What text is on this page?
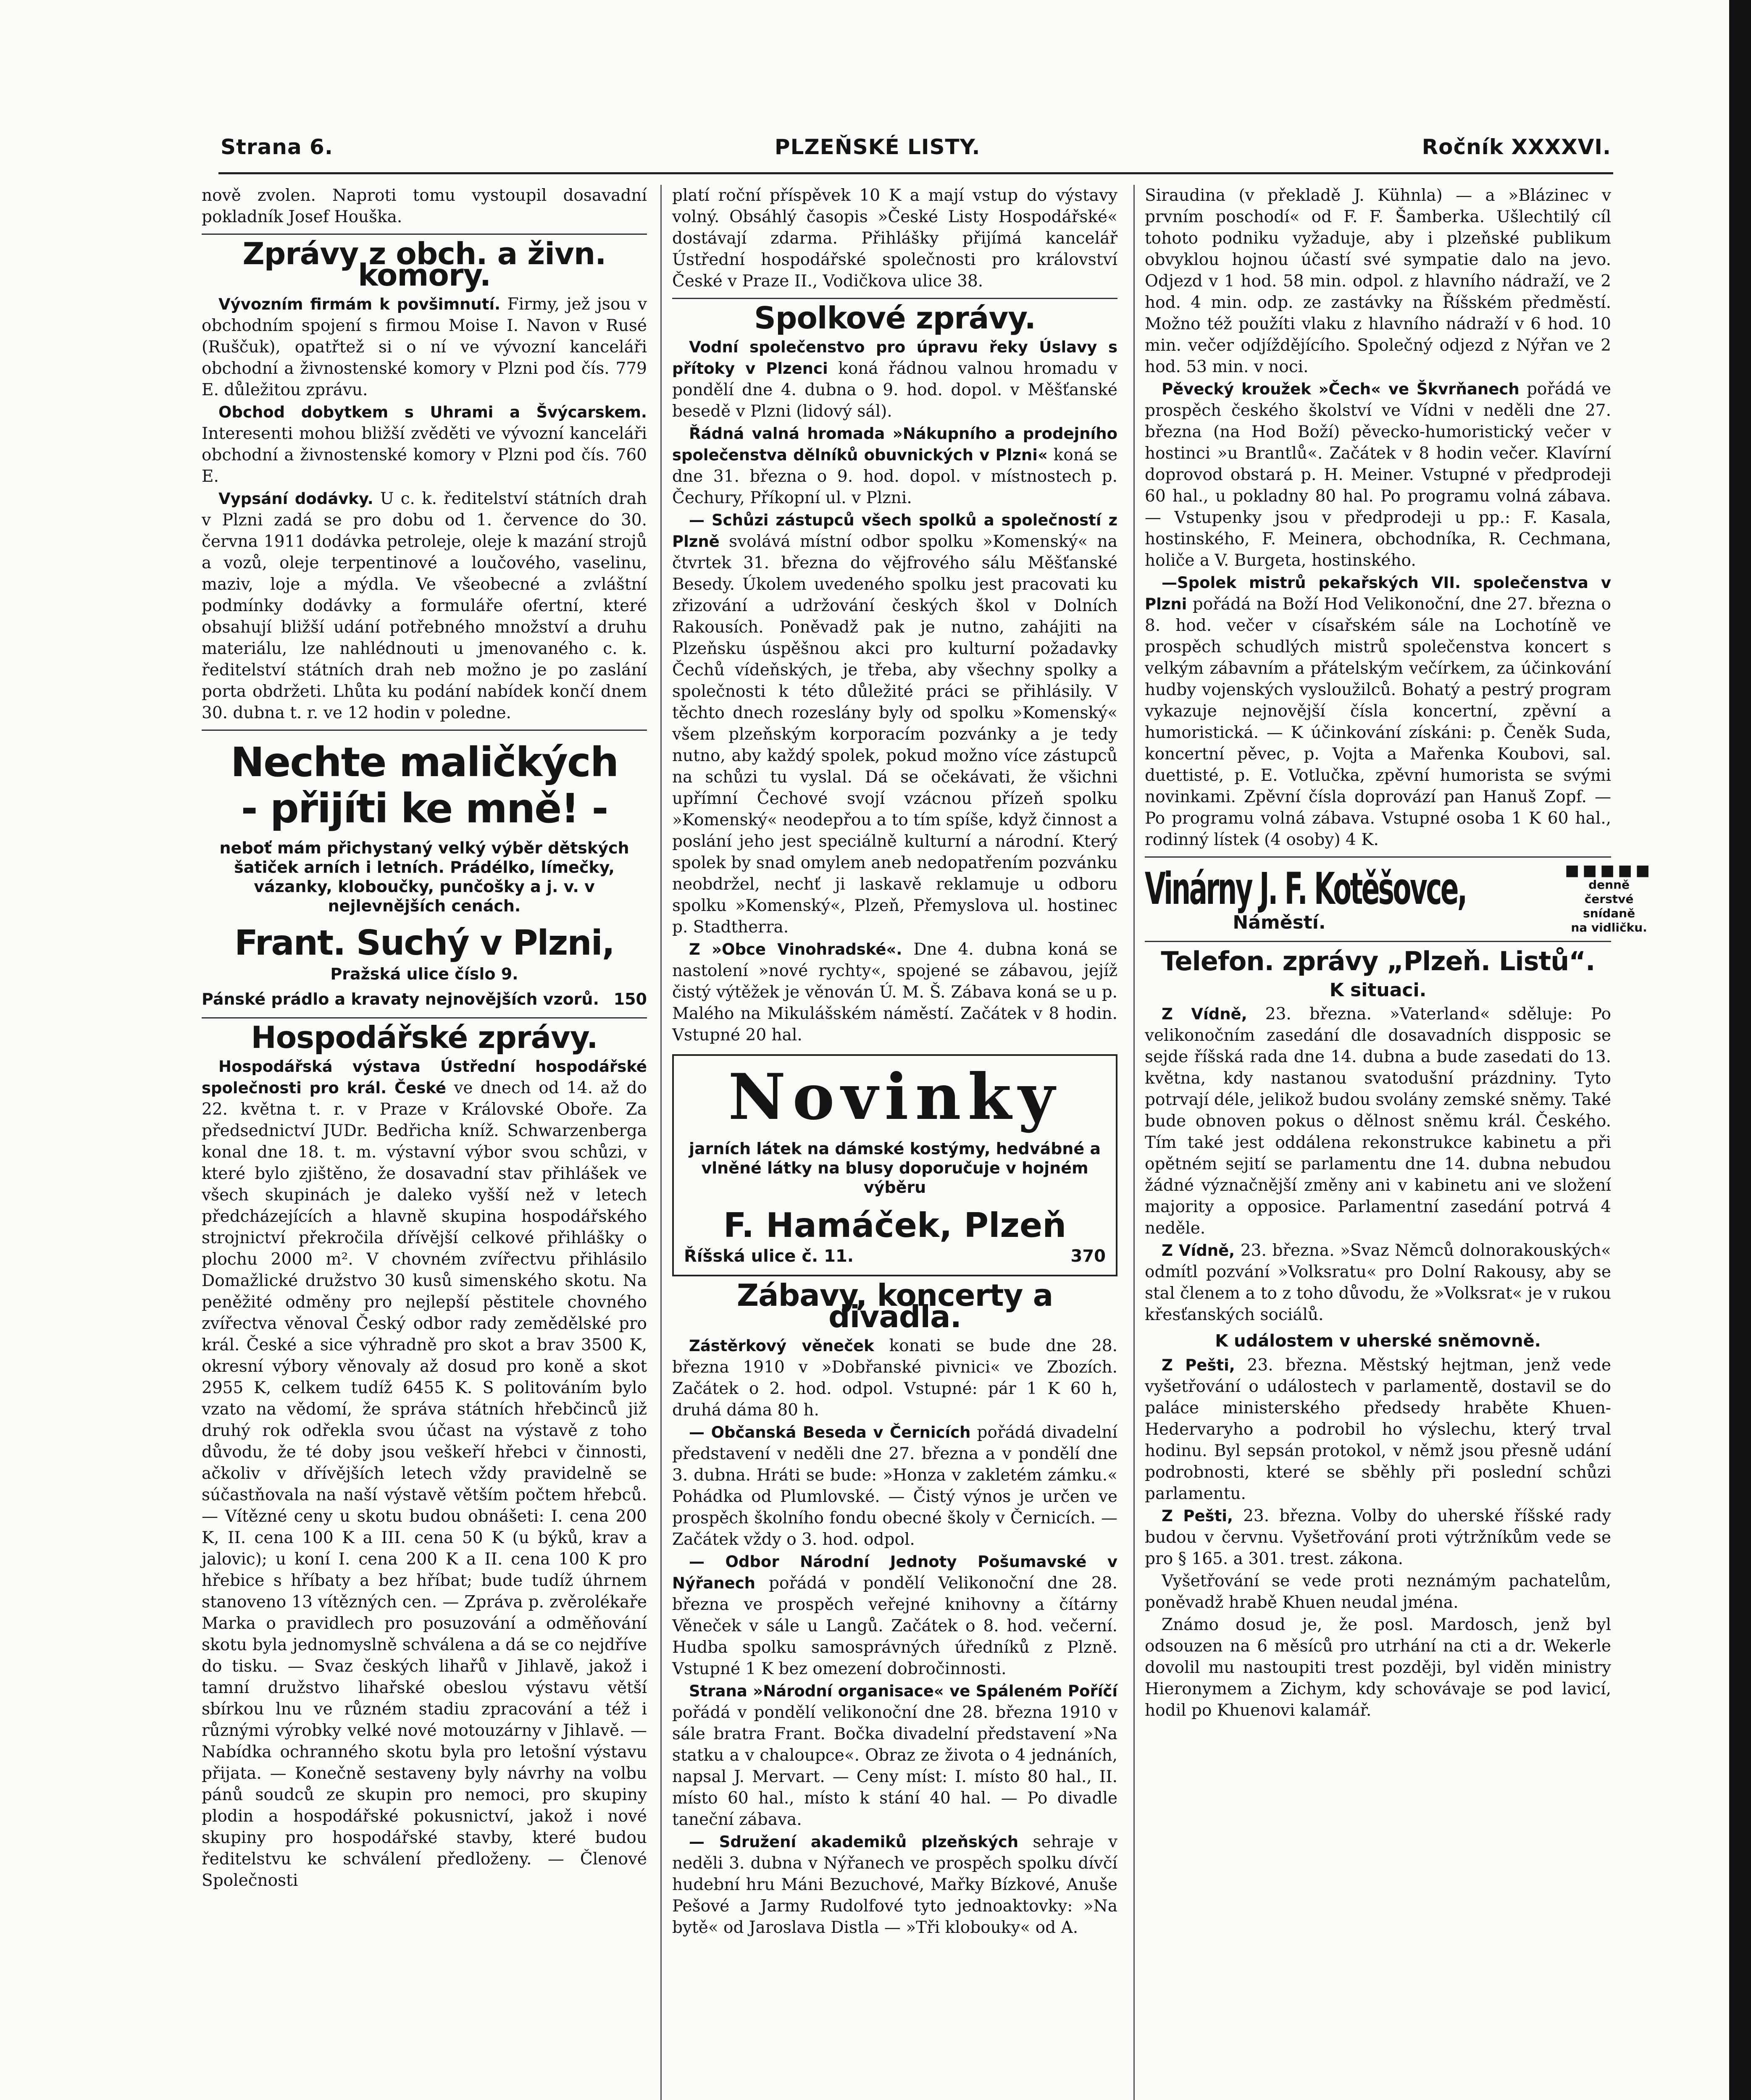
Strana 6.	PLZEŇSKÉ LISTY.	Ročník XXXXVI.

nově zvolen. Naproti tomu vystoupil dosavadní pokladník Josef Houška.

Zprávy z obch. a živn. komory.

Vývozním firmám k povšimnutí. Firmy, jež jsou v obchodním spojení s firmou Moise I. Navon v Rusé (Ruščuk), opatřtež si o ní ve vývozní kanceláři obchodní a živnostenské komory v Plzni pod čís. 779 E. důležitou zprávu.

Obchod dobytkem s Uhrami a Švýcarskem. Interesenti mohou bližší zvěděti ve vývozní kanceláři obchodní a živnostenské komory v Plzni pod čís. 760 E.

Vypsání dodávky. U c. k. ředitelství státních drah v Plzni zadá se pro dobu od 1. července do 30. června 1911 dodávka petroleje, oleje k mazání strojů a vozů, oleje terpentinové a loučového, vaselinu, maziv, loje a mýdla. Ve všeobecné a zvláštní podmínky dodávky a formuláře ofertní, které obsahují bližší udání potřebného množství a druhu materiálu, lze nahlédnouti u jmenovaného c. k. ředitelství státních drah neb možno je po zaslání porta obdržeti. Lhůta ku podání nabídek končí dnem 30. dubna t. r. ve 12 hodin v poledne.

Nechte maličkých
- přijíti ke mně! -
neboť mám přichystaný velký výběr dětských šatiček arních i letních. Prádélko, límečky, vázanky, kloboučky, punčošky a j. v. v nejlevnějších cenách.
Frant. Suchý v Plzni,
Pražská ulice číslo 9.
Pánské prádlo a kravaty nejnovějších vzorů. 150
Hospodářské zprávy.

Hospodářská výstava Ústřední hospodářské společnosti pro král. České ve dnech od 14. až do 22. května t. r. v Praze v Královské Oboře. Za předsednictví JUDr. Bedřicha kníž. Schwarzenberga konal dne 18. t. m. výstavní výbor svou schůzi, v které bylo zjištěno, že dosavadní stav přihlášek ve všech skupinách je daleko vyšší než v letech předcházejících a hlavně skupina hospodářského strojnictví překročila dřívější celkové přihlášky o plochu 2000 m². V chovném zvířectvu přihlásilo Domažlické družstvo 30 kusů simenského skotu. Na peněžité odměny pro nejlepší pěstitele chovného zvířectva věnoval Český odbor rady zemědělské pro král. České a sice výhradně pro skot a brav 3500 K, okresní výbory věnovaly až dosud pro koně a skot 2955 K, celkem tudíž 6455 K. S politováním bylo vzato na vědomí, že správa státních hřebčinců již druhý rok odřekla svou účast na výstavě z toho důvodu, že té doby jsou veškeří hřebci v činnosti, ačkoliv v dřívějších letech vždy pravidelně se súčastňovala na naší výstavě větším počtem hřebců. — Vítězné ceny u skotu budou obnášeti: I. cena 200 K, II. cena 100 K a III. cena 50 K (u býků, krav a jalovic); u koní I. cena 200 K a II. cena 100 K pro hřebice s hříbaty a bez hříbat; bude tudíž úhrnem stanoveno 13 vítězných cen. — Zpráva p. zvěrolékaře Marka o pravidlech pro posuzování a odměňování skotu byla jednomyslně schválena a dá se co nejdříve do tisku. — Svaz českých lihařů v Jihlavě, jakož i tamní družstvo lihařské obeslou výstavu větší sbírkou lnu ve různém stadiu zpracování a též i různými výrobky velké nové motouzárny v Jihlavě. — Nabídka ochranného skotu byla pro letošní výstavu přijata. — Konečně sestaveny byly návrhy na volbu pánů soudců ze skupin pro nemoci, pro skupiny plodin a hospodářské pokusnictví, jakož i nové skupiny pro hospodářské stavby, které budou ředitelstvu ke schválení předloženy. — Členové Společnosti

platí roční příspěvek 10 K a mají vstup do výstavy volný. Obsáhlý časopis »České Listy Hospodářské« dostávají zdarma. Přihlášky přijímá kancelář Ústřední hospodářské společnosti pro království České v Praze II., Vodičkova ulice 38.

Spolkové zprávy.

Vodní společenstvo pro úpravu řeky Úslavy s přítoky v Plzenci koná řádnou valnou hromadu v pondělí dne 4. dubna o 9. hod. dopol. v Měšťanské besedě v Plzni (lidový sál).

Řádná valná hromada »Nákupního a prodejního společenstva dělníků obuvnických v Plzni« koná se dne 31. března o 9. hod. dopol. v místnostech p. Čechury, Příkopní ul. v Plzni.

— Schůzi zástupců všech spolků a společností z Plzně svolává místní odbor spolku »Komenský« na čtvrtek 31. března do vějfrového sálu Měšťanské Besedy. Úkolem uvedeného spolku jest pracovati ku zřizování a udržování českých škol v Dolních Rakousích. Poněvadž pak je nutno, zahájiti na Plzeňsku úspěšnou akci pro kulturní požadavky Čechů vídeňských, je třeba, aby všechny spolky a společnosti k této důležité práci se přihlásily. V těchto dnech rozeslány byly od spolku »Komenský« všem plzeňským korporacím pozvánky a je tedy nutno, aby každý spolek, pokud možno více zástupců na schůzi tu vyslal. Dá se očekávati, že všichni upřímní Čechové svojí vzácnou přízeň spolku »Komenský« neodepřou a to tím spíše, když činnost a poslání jeho jest speciálně kulturní a národní. Který spolek by snad omylem aneb nedopatřením pozvánku neobdržel, nechť ji laskavě reklamuje u odboru spolku »Komenský«, Plzeň, Přemyslova ul. hostinec p. Stadtherra.

Z »Obce Vinohradské«. Dne 4. dubna koná se nastolení »nové rychty«, spojené se zábavou, jejíž čistý výtěžek je věnován Ú. M. Š. Zábava koná se u p. Malého na Mikulášském náměstí. Začátek v 8 hodin. Vstupné 20 hal.

Novinky
jarních látek na dámské kostýmy, hedvábné a vlněné látky na blusy doporučuje v hojném výběru
F. Hamáček, Plzeň
Říšská ulice č. 11.	370
Zábavy, koncerty a divadla.

Zástěrkový věneček konati se bude dne 28. března 1910 v »Dobřanské pivnici« ve Zbozích. Začátek o 2. hod. odpol. Vstupné: pár 1 K 60 h, druhá dáma 80 h.

— Občanská Beseda v Černicích pořádá divadelní představení v neděli dne 27. března a v pondělí dne 3. dubna. Hráti se bude: »Honza v zakletém zámku.« Pohádka od Plumlovské. — Čistý výnos je určen ve prospěch školního fondu obecné školy v Černicích. — Začátek vždy o 3. hod. odpol.

— Odbor Národní Jednoty Pošumavské v Nýřanech pořádá v pondělí Velikonoční dne 28. března ve prospěch veřejné knihovny a čítárny Věneček v sále u Langů. Začátek o 8. hod. večerní. Hudba spolku samosprávných úředníků z Plzně. Vstupné 1 K bez omezení dobročinnosti.

Strana »Národní organisace« ve Spáleném Poříčí pořádá v pondělí velikonoční dne 28. března 1910 v sále bratra Frant. Bočka divadelní představení »Na statku a v chaloupce«. Obraz ze života o 4 jednáních, napsal J. Mervart. — Ceny míst: I. místo 80 hal., II. místo 60 hal., místo k stání 40 hal. — Po divadle taneční zábava.

— Sdružení akademiků plzeňských sehraje v neděli 3. dubna v Nýřanech ve prospěch spolku dívčí hudební hru Máni Bezuchové, Mařky Bízkové, Anuše Pešové a Jarmy Rudolfové tyto jednoaktovky: »Na bytě« od Jaroslava Distla — »Tři klobouky« od A.

Siraudina (v překladě J. Kühnla) — a »Blázinec v prvním poschodí« od F. F. Šamberka. Ušlechtilý cíl tohoto podniku vyžaduje, aby i plzeňské publikum obvyklou hojnou účastí své sympatie dalo na jevo. Odjezd v 1 hod. 58 min. odpol. z hlavního nádraží, ve 2 hod. 4 min. odp. ze zastávky na Říšském předměstí. Možno též použíti vlaku z hlavního nádraží v 6 hod. 10 min. večer odjíždějícího. Společný odjezd z Nýřan ve 2 hod. 53 min. v noci.

Pěvecký kroužek »Čech« ve Škvrňanech pořádá ve prospěch českého školství ve Vídni v neděli dne 27. března (na Hod Boží) pěvecko-humoristický večer v hostinci »u Brantlů«. Začátek v 8 hodin večer. Klavírní doprovod obstará p. H. Meiner. Vstupné v předprodeji 60 hal., u pokladny 80 hal. Po programu volná zábava. — Vstupenky jsou v předprodeji u pp.: F. Kasala, hostinského, F. Meinera, obchodníka, R. Cechmana, holiče a V. Burgeta, hostinského.

—Spolek mistrů pekařských VII. společenstva v Plzni pořádá na Boží Hod Velikonoční, dne 27. března o 8. hod. večer v císařském sále na Lochotíně ve prospěch schudlých mistrů společenstva koncert s velkým zábavním a přátelským večírkem, za účinkování hudby vojenských vysloužilců. Bohatý a pestrý program vykazuje nejnovější čísla koncertní, zpěvní a humoristická. — K účinkování získáni: p. Čeněk Suda, koncertní pěvec, p. Vojta a Mařenka Koubovi, sal. duettisté, p. E. Votlučka, zpěvní humorista se svými novinkami. Zpěvní čísla doprovází pan Hanuš Zopf. — Po programu volná zábava. Vstupné osoba 1 K 60 hal., rodinný lístek (4 osoby) 4 K.

Vinárny J. F. Kotěšovce,
Náměstí.
■■■■■
denně čerstvé
snídaně
na vidličku.
Telefon. zprávy „Plzeň. Listů“.
K situaci.

Z Vídně, 23. března. »Vaterland« sděluje: Po velikonočním zasedání dle dosavadních dispposic se sejde říšská rada dne 14. dubna a bude zasedati do 13. května, kdy nastanou svatodušní prázdniny. Tyto potrvají déle, jelikož budou svolány zemské sněmy. Také bude obnoven pokus o dělnost sněmu král. Českého. Tím také jest oddálena rekonstrukce kabinetu a při opětném sejití se parlamentu dne 14. dubna nebudou žádné význačnější změny ani v kabinetu ani ve složení majority a opposice. Parlamentní zasedání potrvá 4 neděle.

Z Vídně, 23. března. »Svaz Němců dolnorakouských« odmítl pozvání »Volksratu« pro Dolní Rakousy, aby se stal členem a to z toho důvodu, že »Volksrat« je v rukou křesťanských sociálů.

K událostem v uherské sněmovně.

Z Pešti, 23. března. Městský hejtman, jenž vede vyšetřování o událostech v parlamentě, dostavil se do paláce ministerského předsedy hraběte Khuen-Hedervaryho a podrobil ho výslechu, který trval hodinu. Byl sepsán protokol, v němž jsou přesně udání podrobnosti, které se sběhly při poslední schůzi parlamentu.

Z Pešti, 23. března. Volby do uherské říšské rady budou v červnu. Vyšetřování proti výtržníkům vede se pro § 165. a 301. trest. zákona.

Vyšetřování se vede proti neznámým pachatelům, poněvadž hrabě Khuen neudal jména.

Známo dosud je, že posl. Mardosch, jenž byl odsouzen na 6 měsíců pro utrhání na cti a dr. Wekerle dovolil mu nastoupiti trest později, byl viděn ministry Hieronymem a Zichym, kdy schovávaje se pod lavicí, hodil po Khuenovi kalamář.
